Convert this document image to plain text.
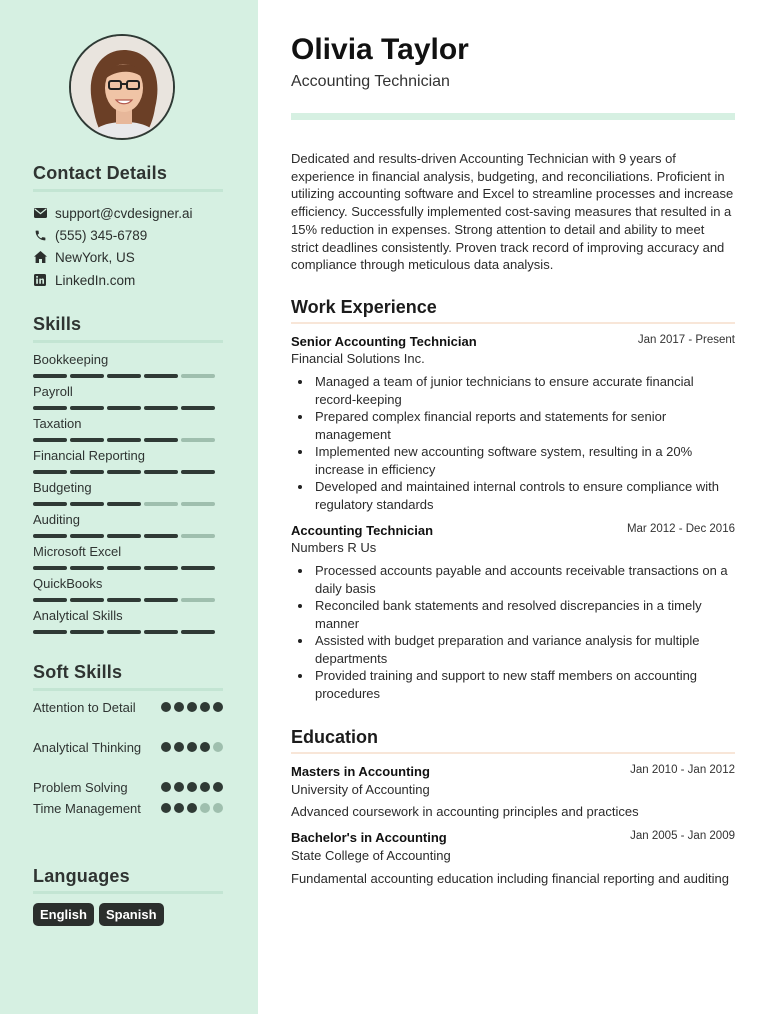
Contact Details
support@cvdesigner.ai
(555) 345-6789
NewYork, US
LinkedIn.com
Skills
Bookkeeping
Payroll
Taxation
Financial Reporting
Budgeting
Auditing
Microsoft Excel
QuickBooks
Analytical Skills
Soft Skills
Attention to Detail
Analytical Thinking
Problem Solving
Time Management
Languages
English	Spanish
Olivia Taylor
Accounting Technician
Dedicated and results-driven Accounting Technician with 9 years of experience in financial analysis, budgeting, and reconciliations. Proficient in utilizing accounting software and Excel to streamline processes and increase efficiency. Successfully implemented cost-saving measures that resulted in a 15% reduction in expenses. Strong attention to detail and ability to meet strict deadlines consistently. Proven track record of improving accuracy and compliance through meticulous data analysis.
Work Experience
Senior Accounting Technician	Jan 2017 - Present
Financial Solutions Inc.
Managed a team of junior technicians to ensure accurate financial record-keeping
Prepared complex financial reports and statements for senior management
Implemented new accounting software system, resulting in a 20% increase in efficiency
Developed and maintained internal controls to ensure compliance with regulatory standards
Accounting Technician	Mar 2012 - Dec 2016
Numbers R Us
Processed accounts payable and accounts receivable transactions on a daily basis
Reconciled bank statements and resolved discrepancies in a timely manner
Assisted with budget preparation and variance analysis for multiple departments
Provided training and support to new staff members on accounting procedures
Education
Masters in Accounting	Jan 2010 - Jan 2012
University of Accounting
Advanced coursework in accounting principles and practices
Bachelor's in Accounting	Jan 2005 - Jan 2009
State College of Accounting
Fundamental accounting education including financial reporting and auditing
